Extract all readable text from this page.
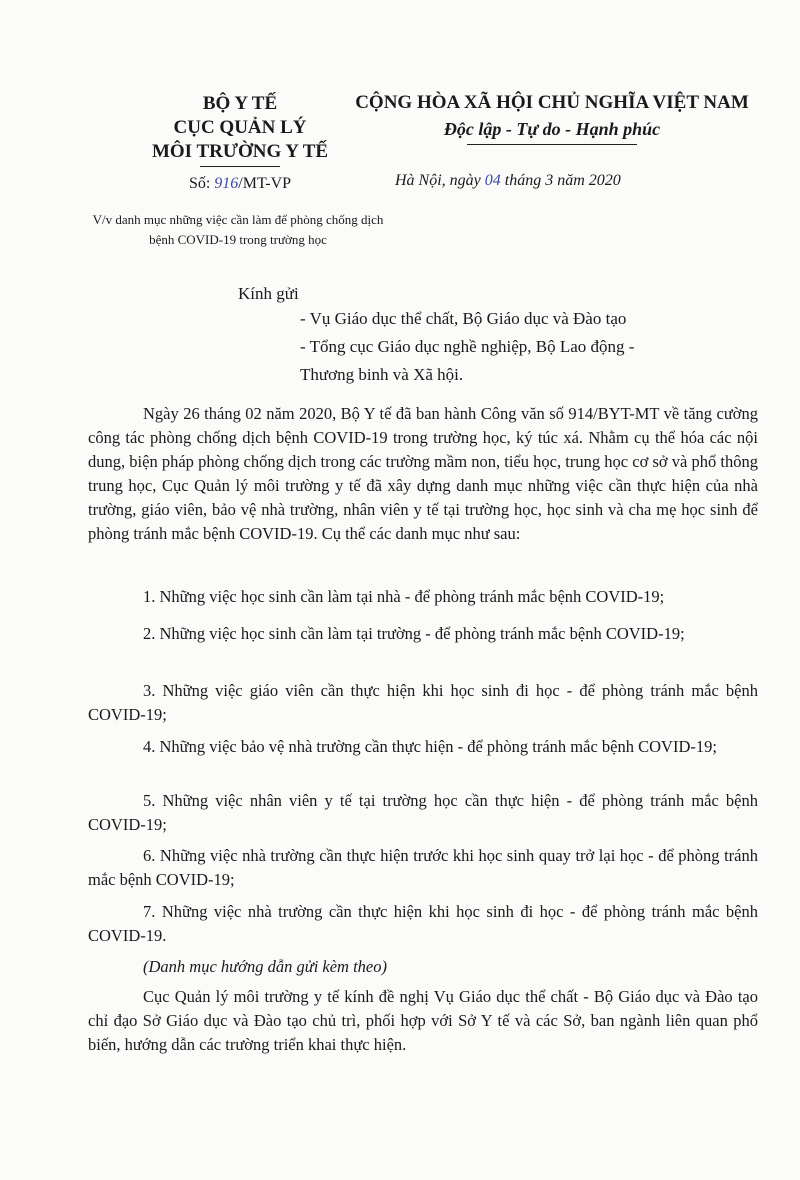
BỘ Y TẾ
CỤC QUẢN LÝ
MÔI TRƯỜNG Y TẾ
Số: 916/MT-VP
V/v danh mục những việc cần làm để phòng chống dịch bệnh COVID-19 trong trường học
CỘNG HÒA XÃ HỘI CHỦ NGHĨA VIỆT NAM
Độc lập - Tự do - Hạnh phúc
Hà Nội, ngày 04 tháng 3 năm 2020
Kính gửi
- Vụ Giáo dục thể chất, Bộ Giáo dục và Đào tạo
- Tổng cục Giáo dục nghề nghiệp, Bộ Lao động -
Thương binh và Xã hội.
Ngày 26 tháng 02 năm 2020, Bộ Y tế đã ban hành Công văn số 914/BYT-MT về tăng cường công tác phòng chống dịch bệnh COVID-19 trong trường học, ký túc xá. Nhằm cụ thể hóa các nội dung, biện pháp phòng chống dịch trong các trường mầm non, tiểu học, trung học cơ sở và phổ thông trung học, Cục Quản lý môi trường y tế đã xây dựng danh mục những việc cần thực hiện của nhà trường, giáo viên, bảo vệ nhà trường, nhân viên y tế tại trường học, học sinh và cha mẹ học sinh để phòng tránh mắc bệnh COVID-19. Cụ thể các danh mục như sau:
1. Những việc học sinh cần làm tại nhà - để phòng tránh mắc bệnh COVID-19;
2. Những việc học sinh cần làm tại trường - để phòng tránh mắc bệnh COVID-19;
3. Những việc giáo viên cần thực hiện khi học sinh đi học - để phòng tránh mắc bệnh COVID-19;
4. Những việc bảo vệ nhà trường cần thực hiện - để phòng tránh mắc bệnh COVID-19;
5. Những việc nhân viên y tế tại trường học cần thực hiện - để phòng tránh mắc bệnh COVID-19;
6. Những việc nhà trường cần thực hiện trước khi học sinh quay trở lại học - để phòng tránh mắc bệnh COVID-19;
7. Những việc nhà trường cần thực hiện khi học sinh đi học - để phòng tránh mắc bệnh COVID-19.
(Danh mục hướng dẫn gửi kèm theo)
Cục Quản lý môi trường y tế kính đề nghị Vụ Giáo dục thể chất - Bộ Giáo dục và Đào tạo chỉ đạo Sở Giáo dục và Đào tạo chủ trì, phối hợp với Sở Y tế và các Sở, ban ngành liên quan phổ biến, hướng dẫn các trường triển khai thực hiện.
